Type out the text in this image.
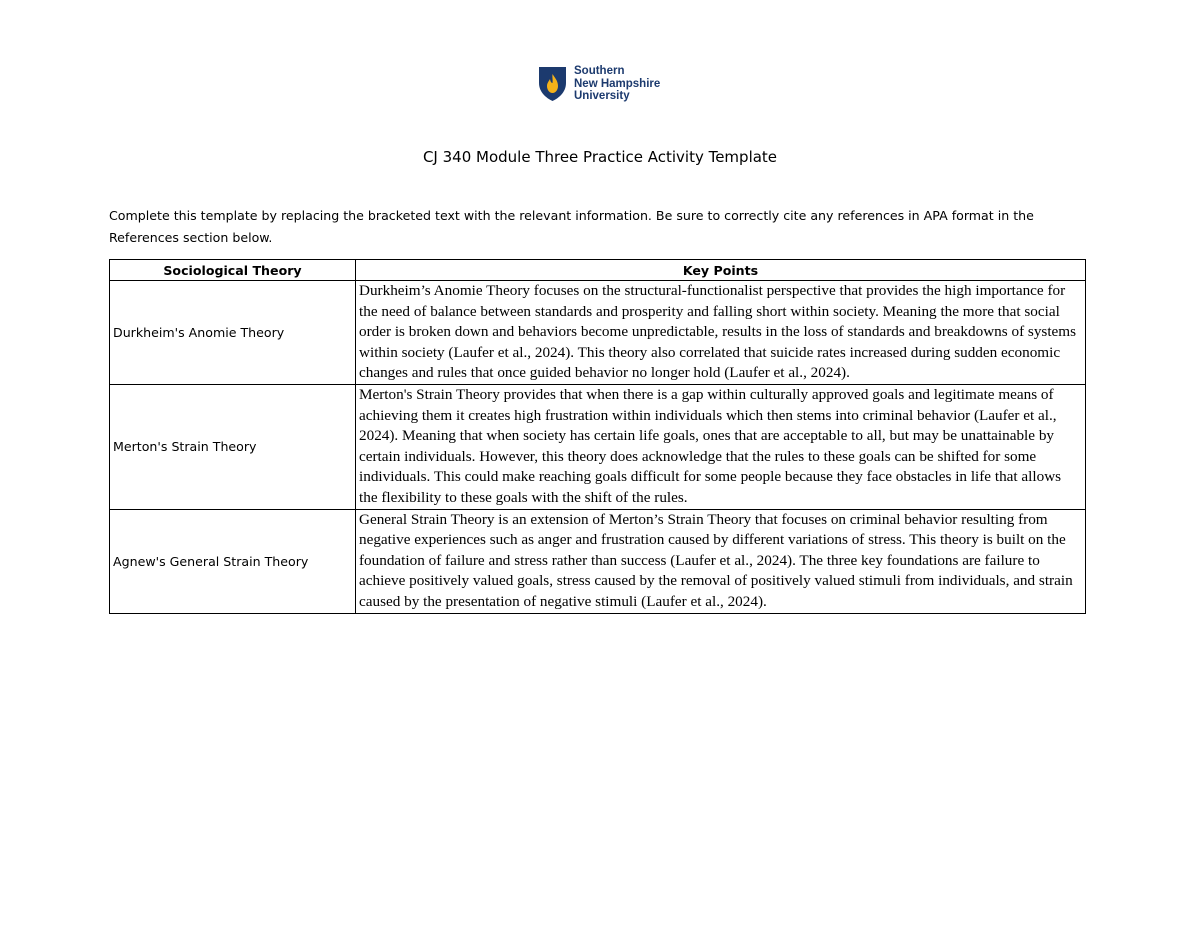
Southern
New Hampshire
University
CJ 340 Module Three Practice Activity Template

Complete this template by replacing the bracketed text with the relevant information. Be sure to correctly cite any references in APA format in the References section below.

Sociological Theory	Key Points
Durkheim's Anomie Theory	Durkheim’s Anomie Theory focuses on the structural-functionalist perspective that provides the high importance for the need of balance between standards and prosperity and falling short within society. Meaning the more that social order is broken down and behaviors become unpredictable, results in the loss of standards and breakdowns of systems within society (Laufer et al., 2024). This theory also correlated that suicide rates increased during sudden economic changes and rules that once guided behavior no longer hold (Laufer et al., 2024).
Merton's Strain Theory	Merton's Strain Theory provides that when there is a gap within culturally approved goals and legitimate means of achieving them it creates high frustration within individuals which then stems into criminal behavior (Laufer et al., 2024). Meaning that when society has certain life goals, ones that are acceptable to all, but may be unattainable by certain individuals. However, this theory does acknowledge that the rules to these goals can be shifted for some individuals. This could make reaching goals difficult for some people because they face obstacles in life that allows the flexibility to these goals with the shift of the rules.
Agnew's General Strain Theory	General Strain Theory is an extension of Merton’s Strain Theory that focuses on criminal behavior resulting from negative experiences such as anger and frustration caused by different variations of stress. This theory is built on the foundation of failure and stress rather than success (Laufer et al., 2024). The three key foundations are failure to achieve positively valued goals, stress caused by the removal of positively valued stimuli from individuals, and strain caused by the presentation of negative stimuli (Laufer et al., 2024).
